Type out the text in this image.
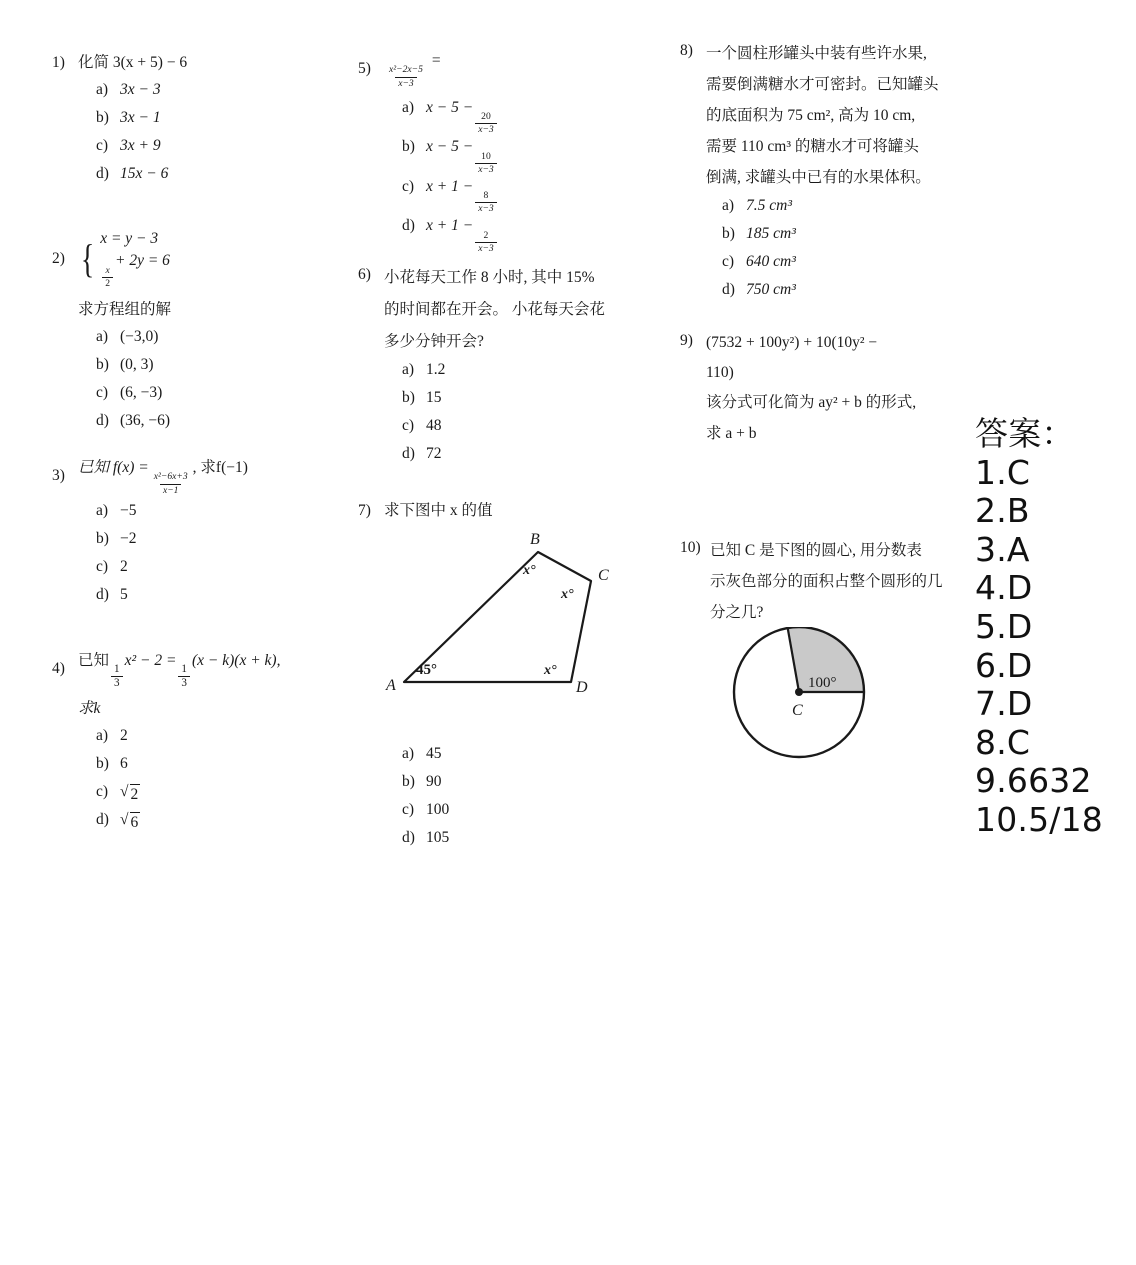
1) 化简 3(x + 5) − 6
a) 3x − 3
b) 3x − 1
c) 3x + 9
d) 15x − 6
2) { x = y − 3
$\frac{x}{2}$
+ 2y = 6
求方程组的解
a) (−3,0)
b) (0, 3)
c) (6, −3)
d) (36, −6)
3) 已知 f(x) =
$\frac{\text{x²−6x+3}}{x-1}$
, 求f(−1)
a) −5
b) −2
c) 2
d) 5
4) 已知
$\frac{1}{3}$
x² − 2 =
$\frac{1}{3}$
(x − k)(x + k),
求k
a) 2
b) 6
c) √ 2
d) √ 6
5)	$\frac{\text{x²−2x−5}}{x-3}$
=
a) x − 5 −
$\frac{20}{x-3}$
b) x − 5 −
$\frac{10}{x-3}$
c) x + 1 −
$\frac{8}{x-3}$
d) x + 1 −
$\frac{2}{x-3}$
6) 小花每天工作 8 小时, 其中 15%
的时间都在开会。 小花每天会花
多少分钟开会?
a) 1.2
b) 15
c) 48
d) 72
7) 求下图中 x 的值
A
B
C
D
45°
x°
x°
x°
a) 45
b) 90
c) 100
d) 105
8) 一个圆柱形罐头中装有些许水果,
需要倒满糖水才可密封。已知罐头
的底面积为 75 cm², 高为 10 cm,
需要 110 cm³ 的糖水才可将罐头
倒满, 求罐头中已有的水果体积。
a) 7.5 cm³
b) 185 cm³
c) 640 cm³
d) 750 cm³
9) (7532 + 100y²) + 10(10y² −
110)
该分式可化简为 ay² + b 的形式,
求 a + b
10) 已知 C 是下图的圆心, 用分数表
示灰色部分的面积占整个圆形的几
分之几?
100°
C
答案：
1.C
2.B
3.A
4.D
5.D
6.D
7.D
8.C
9.6632
10.5/18
